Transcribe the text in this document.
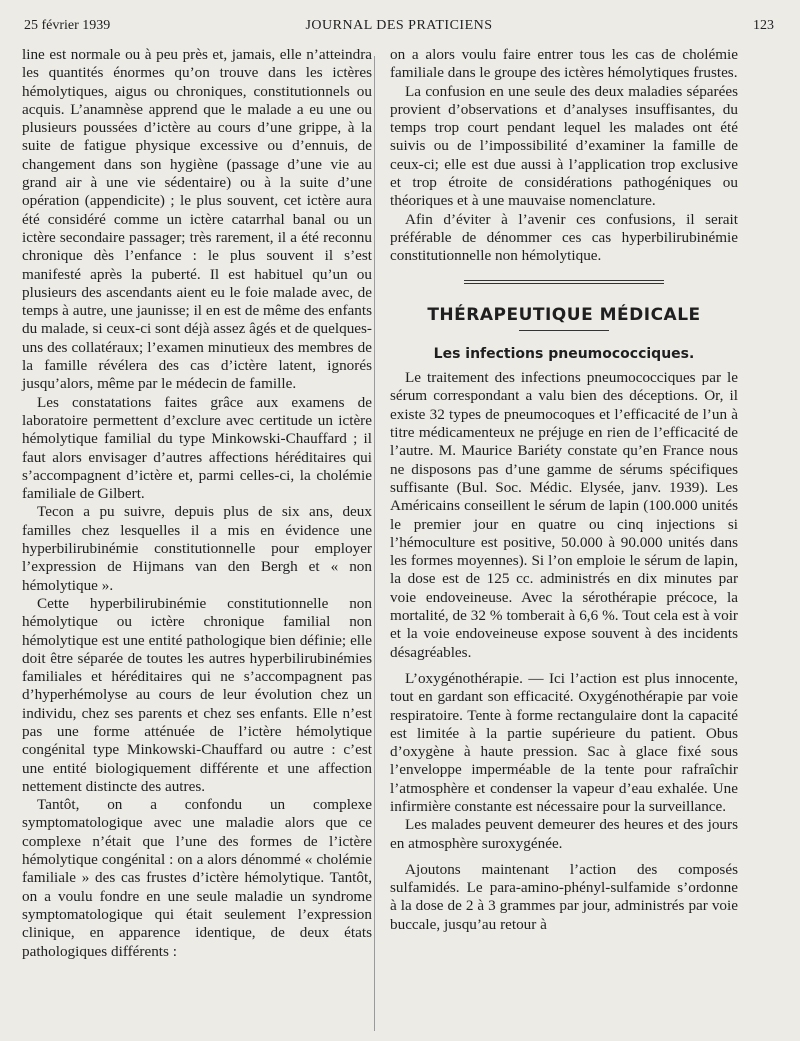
25 février 1939	JOURNAL DES PRATICIENS	123

line est normale ou à peu près et, jamais, elle n’atteindra les quantités énormes qu’on trouve dans les ictères hémolytiques, aigus ou chroniques, constitutionnels ou acquis. L’anamnèse apprend que le malade a eu une ou plusieurs poussées d’ictère au cours d’une grippe, à la suite de fatigue physique excessive ou d’ennuis, de changement dans son hygiène (passage d’une vie au grand air à une vie sédentaire) ou à la suite d’une opération (appendicite) ; le plus souvent, cet ictère aura été considéré comme un ictère catarrhal banal ou un ictère secondaire passager; très rarement, il a été reconnu chronique dès l’enfance : le plus souvent il s’est manifesté après la puberté. Il est habituel qu’un ou plusieurs des ascendants aient eu le foie malade avec, de temps à autre, une jaunisse; il en est de même des enfants du malade, si ceux-ci sont déjà assez âgés et de quelques-uns des collatéraux; l’examen minutieux des membres de la famille révélera des cas d’ictère latent, ignorés jusqu’alors, même par le médecin de famille.

Les constatations faites grâce aux examens de laboratoire permettent d’exclure avec certitude un ictère hémolytique familial du type Minkowski-Chauffard ; il faut alors envisager d’autres affections héréditaires qui s’accompagnent d’ictère et, parmi celles-ci, la cholémie familiale de Gilbert.

Tecon a pu suivre, depuis plus de six ans, deux familles chez lesquelles il a mis en évidence une hyperbilirubinémie constitutionnelle pour employer l’expression de Hijmans van den Bergh et « non hémolytique ».

Cette hyperbilirubinémie constitutionnelle non hémolytique ou ictère chronique familial non hémolytique est une entité pathologique bien définie; elle doit être séparée de toutes les autres hyperbilirubinémies familiales et héréditaires qui ne s’accompagnent pas d’hyperhémolyse au cours de leur évolution chez un individu, chez ses parents et chez ses enfants. Elle n’est pas une forme atténuée de l’ictère hémolytique congénital type Minkowski-Chauffard ou autre : c’est une entité biologiquement différente et une affection nettement distincte des autres.

Tantôt, on a confondu un complexe symptomatologique avec une maladie alors que ce complexe n’était que l’une des formes de l’ictère hémolytique congénital : on a alors dénommé « cholémie familiale » des cas frustes d’ictère hémolytique. Tantôt, on a voulu fondre en une seule maladie un syndrome symptomatologique qui était seulement l’expression clinique, en apparence identique, de deux états pathologiques différents :

on a alors voulu faire entrer tous les cas de cholémie familiale dans le groupe des ictères hémolytiques frustes.

La confusion en une seule des deux maladies séparées provient d’observations et d’analyses insuffisantes, du temps trop court pendant lequel les malades ont été suivis ou de l’impossibilité d’examiner la famille de ceux-ci; elle est due aussi à l’application trop exclusive et trop étroite de considérations pathogéniques ou théoriques et à une mauvaise nomenclature.

Afin d’éviter à l’avenir ces confusions, il serait préférable de dénommer ces cas hyperbilirubinémie constitutionnelle non hémolytique.

THÉRAPEUTIQUE MÉDICALE
Les infections pneumococciques.

Le traitement des infections pneumococciques par le sérum correspondant a valu bien des déceptions. Or, il existe 32 types de pneumocoques et l’efficacité de l’un à titre médicamenteux ne préjuge en rien de l’efficacité de l’autre. M. Maurice Bariéty constate qu’en France nous ne disposons pas d’une gamme de sérums spécifiques suffisante (Bul. Soc. Médic. Elysée, janv. 1939). Les Américains conseillent le sérum de lapin (100.000 unités le premier jour en quatre ou cinq injections si l’hémoculture est positive, 50.000 à 90.000 unités dans les formes moyennes). Si l’on emploie le sérum de lapin, la dose est de 125 cc. administrés en dix minutes par voie endoveineuse. Avec la sérothérapie précoce, la mortalité, de 32 % tomberait à 6,6 %. Tout cela est à voir et la voie endoveineuse expose souvent à des incidents désagréables.

L’oxygénothérapie. — Ici l’action est plus innocente, tout en gardant son efficacité. Oxygénothérapie par voie respiratoire. Tente à forme rectangulaire dont la capacité est limitée à la partie supérieure du patient. Obus d’oxygène à haute pression. Sac à glace fixé sous l’enveloppe imperméable de la tente pour rafraîchir l’atmosphère et condenser la vapeur d’eau exhalée. Une infirmière constante est nécessaire pour la surveillance.

Les malades peuvent demeurer des heures et des jours en atmosphère suroxygénée.

Ajoutons maintenant l’action des composés sulfamidés. Le para-amino-phényl-sulfamide s’ordonne à la dose de 2 à 3 grammes par jour, administrés par voie buccale, jusqu’au retour à
